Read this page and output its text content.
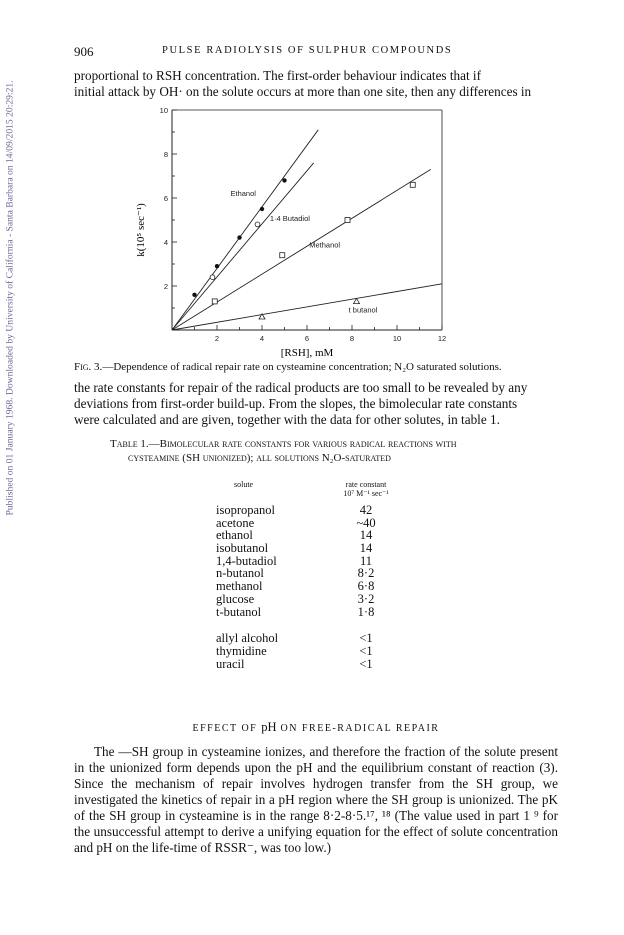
Published on 01 January 1968. Downloaded by University of California - Santa Barbara on 14/09/2015 20:29:21.
906	PULSE RADIOLYSIS OF SULPHUR COMPOUNDS

proportional to RSH concentration. The first-order behaviour indicates that if

initial attack by OH· on the solute occurs at more than one site, then any differences in

2	4	6	8	10	12
2
4
6
8
10
Ethanol
1·4 Butadiol
Methanol
t butanol
[RSH], mM
k(10⁵ sec⁻¹)
Fig. 3.—Dependence of radical repair rate on cysteamine concentration; N₂O saturated solutions.

the rate constants for repair of the radical products are too small to be revealed by any

deviations from first-order build-up. From the slopes, the bimolecular rate constants

were calculated and are given, together with the data for other solutes, in table 1.

Table 1.—Bimolecular rate constants for various radical reactions with
cysteamine (SH unionized); all solutions N₂O-saturated
solute	rate constant
10⁷ M⁻¹ sec⁻¹
isopropanol	42
acetone	~40
ethanol	14
isobutanol	14
1,4-butadiol	11
n-butanol	8·2
methanol	6·8
glucose	3·2
t-butanol	1·8
allyl alcohol	<1
thymidine	<1
uracil	<1
EFFECT OF pH ON FREE-RADICAL REPAIR

The —SH group in cysteamine ionizes, and therefore the fraction of the solute present in the unionized form depends upon the pH and the equilibrium constant of reaction (3). Since the mechanism of repair involves hydrogen transfer from the SH group, we investigated the kinetics of repair in a pH region where the SH group is unionized. The pK of the SH group in cysteamine is in the range 8·2-8·5.¹⁷, ¹⁸ (The value used in part 1 ⁹ for the unsuccessful attempt to derive a unifying equation for the effect of solute concentration and pH on the life-time of RSSR⁻, was too low.)
